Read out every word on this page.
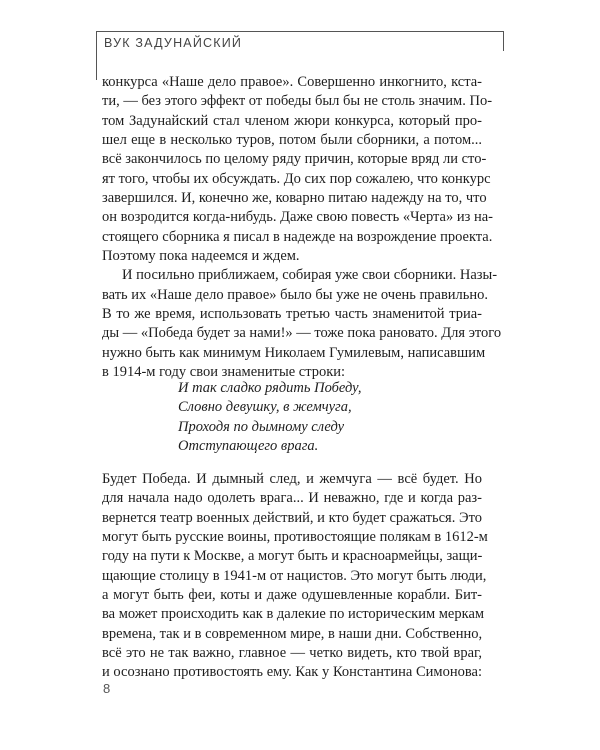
ВУК ЗАДУНАЙСКИЙ

конкурса «Наше дело правое». Совершенно инкогнито, кста-
ти, — без этого эффект от победы был бы не столь значим. По-
том Задунайский стал членом жюри конкурса, который про-
шел еще в несколько туров, потом были сборники, а потом...
всё закончилось по целому ряду причин, которые вряд ли сто-
ят того, чтобы их обсуждать. До сих пор сожалею, что конкурс
завершился. И, конечно же, коварно питаю надежду на то, что
он возродится когда-нибудь. Даже свою повесть «Черта» из на-
стоящего сборника я писал в надежде на возрождение проекта.
Поэтому пока надеемся и ждем.

И посильно приближаем, собирая уже свои сборники. Назы-
вать их «Наше дело правое» было бы уже не очень правильно.
В то же время, использовать третью часть знаменитой триа-
ды — «Победа будет за нами!» — тоже пока рановато. Для этого
нужно быть как минимум Николаем Гумилевым, написавшим
в 1914-м году свои знаменитые строки:

И так сладко рядить Победу,
Словно девушку, в жемчуга,
Проходя по дымному следу
Отступающего врага.

Будет Победа. И дымный след, и жемчуга — всё будет. Но
для начала надо одолеть врага... И неважно, где и когда раз-
вернется театр военных действий, и кто будет сражаться. Это
могут быть русские воины, противостоящие полякам в 1612-м
году на пути к Москве, а могут быть и красноармейцы, защи-
щающие столицу в 1941-м от нацистов. Это могут быть люди,
а могут быть феи, коты и даже одушевленные корабли. Бит-
ва может происходить как в далекие по историческим меркам
времена, так и в современном мире, в наши дни. Собственно,
всё это не так важно, главное — четко видеть, кто твой враг,
и осознано противостоять ему. Как у Константина Симонова:

8
